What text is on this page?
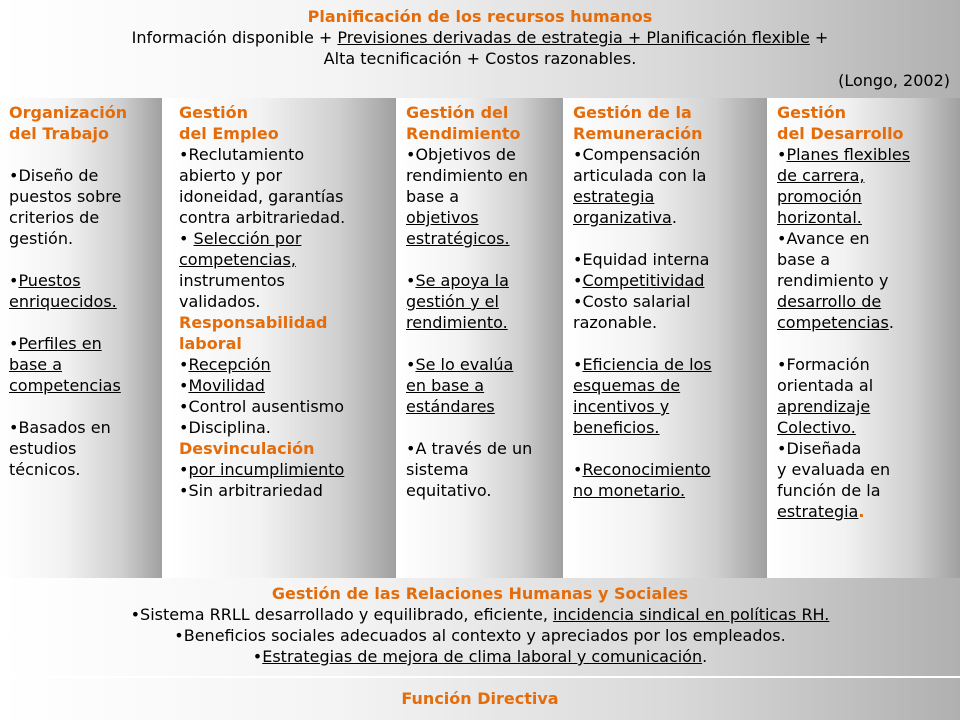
Planificación de los recursos humanos
Información disponible + Previsiones derivadas de estrategia + Planificación flexible +
Alta tecnificación + Costos razonables.
(Longo, 2002)

Organización

del Trabajo

•Diseño de

puestos sobre

criterios de

gestión.

•Puestos

enriquecidos.

•Perfiles en

base a

competencias

•Basados en

estudios

técnicos.

Gestión

del Empleo

•Reclutamiento

abierto y por

idoneidad, garantías

contra arbitrariedad.

• Selección por

competencias,

instrumentos

validados.

Responsabilidad

laboral

•Recepción

•Movilidad

•Control ausentismo

•Disciplina.

Desvinculación

•por incumplimiento

•Sin arbitrariedad

Gestión del

Rendimiento

•Objetivos de

rendimiento en

base a

objetivos

estratégicos.

•Se apoya la

gestión y el

rendimiento.

•Se lo evalúa

en base a

estándares

•A través de un

sistema

equitativo.

Gestión de la

Remuneración

•Compensación

articulada con la

estrategia

organizativa.

•Equidad interna

•Competitividad

•Costo salarial

razonable.

•Eficiencia de los

esquemas de

incentivos y

beneficios.

•Reconocimiento

no monetario.

Gestión

del Desarrollo

•Planes flexibles

de carrera,

promoción

horizontal.

•Avance en

base a

rendimiento y

desarrollo de

competencias.

•Formación

orientada al

aprendizaje

Colectivo.

•Diseñada

y evaluada en

función de la

estrategia.

Gestión de las Relaciones Humanas y Sociales
•Sistema RRLL desarrollado y equilibrado, eficiente, incidencia sindical en políticas RH.
•Beneficios sociales adecuados al contexto y apreciados por los empleados.
•Estrategias de mejora de clima laboral y comunicación.
Función Directiva
